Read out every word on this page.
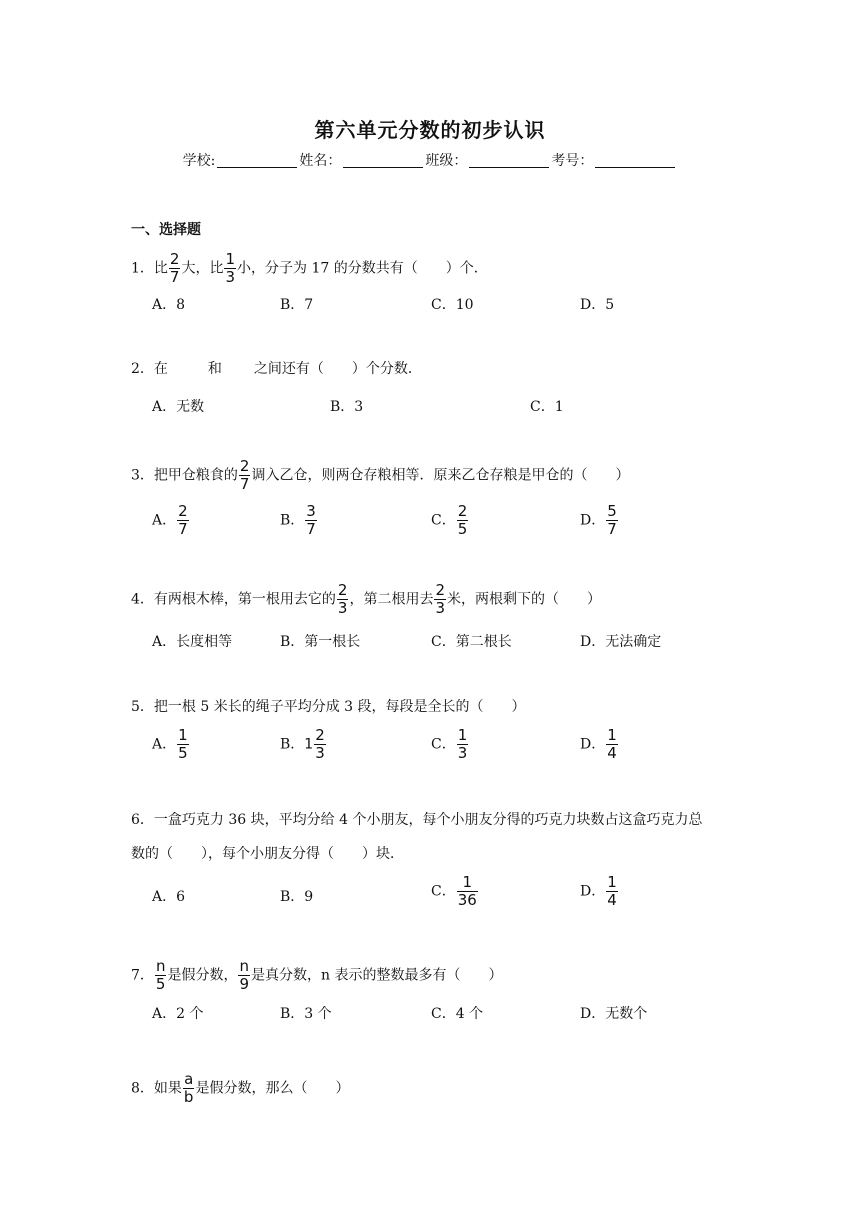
第六单元分数的初步认识
学校:	姓名：	班级：	考号：
一、选择题
1．比 $\frac{2}{7}$ 大，比 $\frac{1}{3}$ 小，分子为 17 的分数共有（　　）个．
A．8	B．7	C．10	D．5
2．在	和 之间还有（　　）个分数．
A．无数	B．3	C．1
3．把甲仓粮食的 $\frac{2}{7}$ 调入乙仓，则两仓存粮相等．原来乙仓存粮是甲仓的（　　）
A． $\frac{2}{7}$	B． $\frac{3}{7}$	C． $\frac{2}{5}$	D． $\frac{5}{7}$
4．有两根木棒，第一根用去它的 $\frac{2}{3}$ ，第二根用去 $\frac{2}{3}$ 米，两根剩下的（　　）
A．长度相等	B．第一根长	C．第二根长	D．无法确定
5．把一根 5 米长的绳子平均分成 3 段，每段是全长的（　　）
A． $\frac{1}{5}$	B．$1 \frac{2}{3}$	C． $\frac{1}{3}$	D． $\frac{1}{4}$
6．一盒巧克力 36 块，平均分给 4 个小朋友，每个小朋友分得的巧克力块数占这盒巧克力总
数的（　　），每个小朋友分得（　　）块．
A．6	B．9	C． $\frac{1}{36}$	D． $\frac{1}{4}$
7． $\frac{n}{5}$ 是假分数， $\frac{n}{9}$ 是真分数，n 表示的整数最多有（　　）
A．2 个	B．3 个	C．4 个	D．无数个
8．如果 $\frac{a}{b}$ 是假分数，那么（　　）
